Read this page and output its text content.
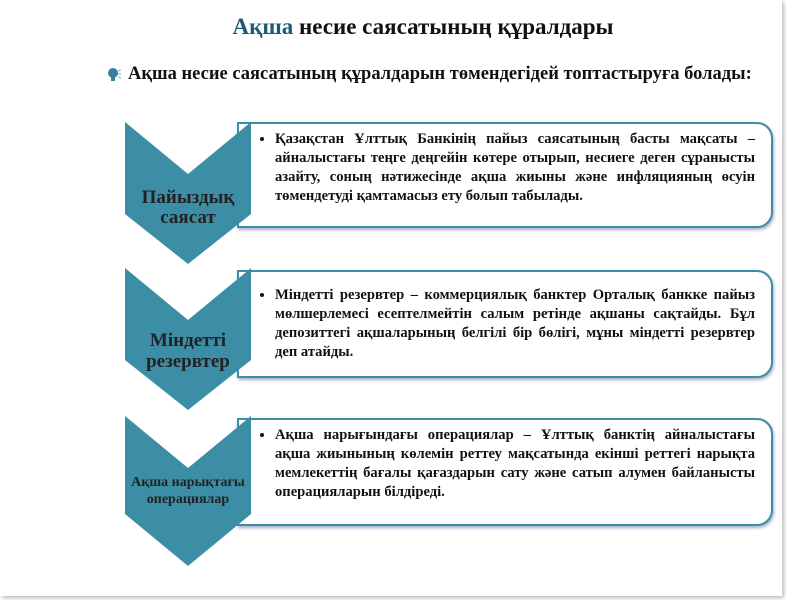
Ақша несие саясатының құралдары
Ақша несие саясатының құралдарын төмендегідей топтастыруға болады:
• Қазақстан Ұлттық Банкінің пайыз саясатының басты мақсаты – айналыстағы теңге деңгейін көтере отырып, несиеге деген сұранысты азайту, соның нәтижесінде ақша жиыны және инфляцияның өсуін төмендетуді қамтамасыз ету болып табылады.
Пайыздық саясат
• Міндетті резервтер – коммерциялық банктер Орталық банкке пайыз мөлшерлемесі есептелмейтін салым ретінде ақшаны сақтайды. Бұл депозиттегі ақшаларының белгілі бір бөлігі, мұны міндетті резервтер деп атайды.
Міндетті резервтер
• Ақша нарығындағы операциялар – Ұлттық банктің айналыстағы ақша жиынының көлемін реттеу мақсатында екінші реттегі нарықта мемлекеттің бағалы қағаздарын сату және сатып алумен байланысты операцияларын білдіреді.
Ақша нарықтағы операциялар
